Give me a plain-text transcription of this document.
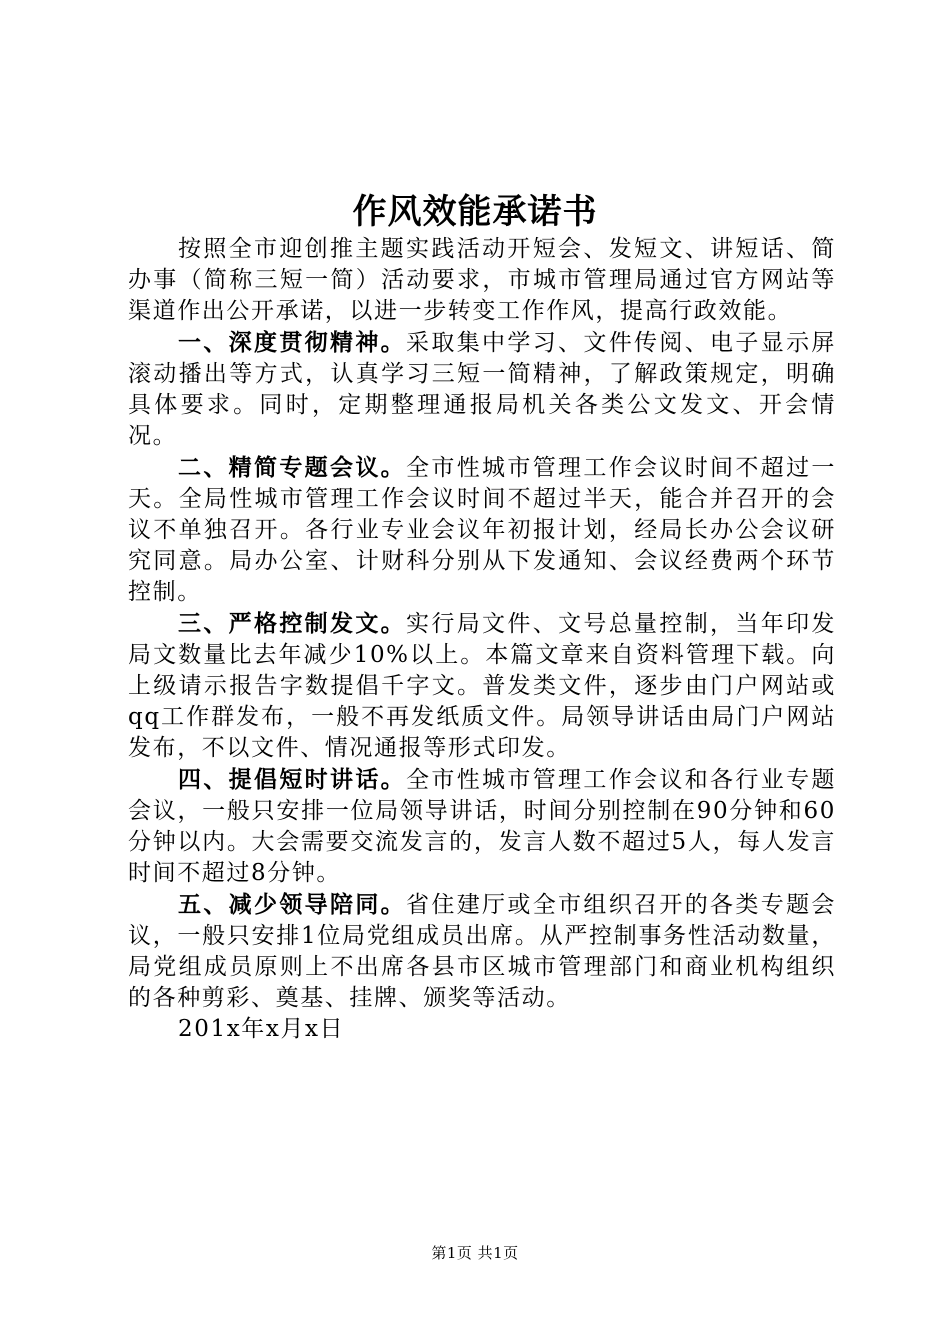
作风效能承诺书

按照全市迎创推主题实践活动开短会、发短文、讲短话、简办事（简称三短一简）活动要求，市城市管理局通过官方网站等渠道作出公开承诺，以进一步转变工作作风，提高行政效能。

一、深度贯彻精神。采取集中学习、文件传阅、电子显示屏滚动播出等方式，认真学习三短一简精神，了解政策规定，明确具体要求。同时，定期整理通报局机关各类公文发文、开会情况。

二、精简专题会议。全市性城市管理工作会议时间不超过一天。全局性城市管理工作会议时间不超过半天，能合并召开的会议不单独召开。各行业专业会议年初报计划，经局长办公会议研究同意。局办公室、计财科分别从下发通知、会议经费两个环节控制。

三、严格控制发文。实行局文件、文号总量控制，当年印发局文数量比去年减少10%以上。本篇文章来自资料管理下载。向上级请示报告字数提倡千字文。普发类文件，逐步由门户网站或qq工作群发布，一般不再发纸质文件。局领导讲话由局门户网站发布，不以文件、情况通报等形式印发。

四、提倡短时讲话。全市性城市管理工作会议和各行业专题会议，一般只安排一位局领导讲话，时间分别控制在90分钟和60分钟以内。大会需要交流发言的，发言人数不超过5人，每人发言时间不超过8分钟。

五、减少领导陪同。省住建厅或全市组织召开的各类专题会议，一般只安排1位局党组成员出席。从严控制事务性活动数量，局党组成员原则上不出席各县市区城市管理部门和商业机构组织的各种剪彩、奠基、挂牌、颁奖等活动。

201x年x月x日

第1页 共1页
